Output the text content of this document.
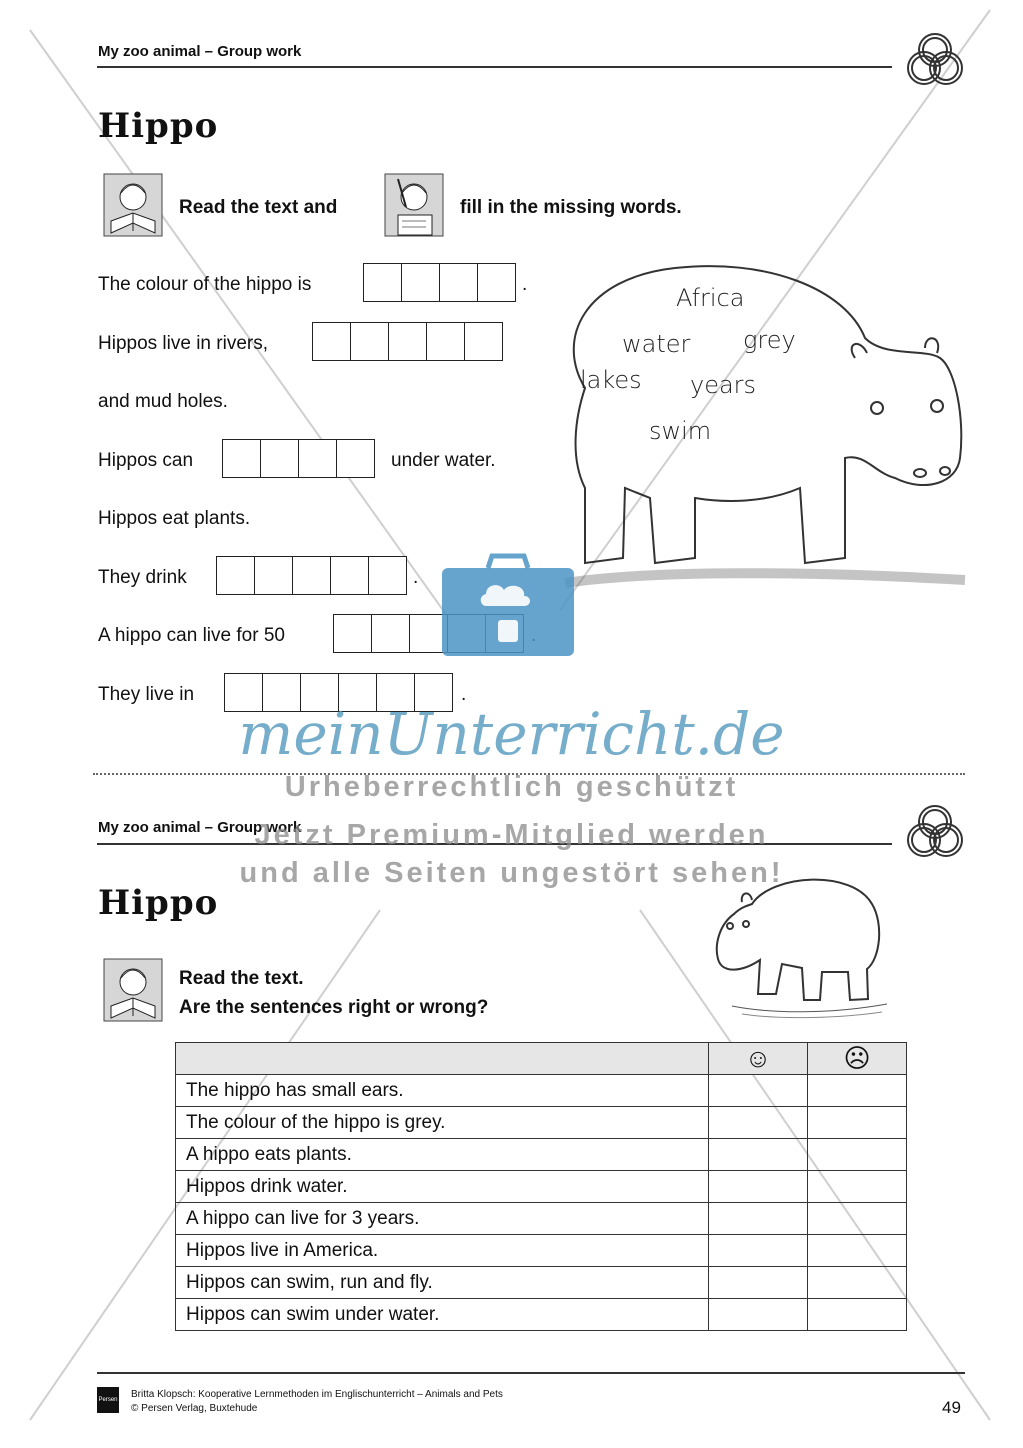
My zoo animal – Group work
Hippo
Read the text and	fill in the missing words.
The colour of the hippo is	.
Hippos live in rivers,
and mud holes.
Hippos can	under water.
Hippos eat plants.
They drink	.
A hippo can live for 50
They live in	.
Africa
water grey
lakes years
swim
meinUnterricht.de
Urheberrechtlich geschützt
My zoo animal – Group work
Jetzt Premium-Mitglied werden
und alle Seiten ungestört sehen!
Hippo
Read the text.
Are the sentences right or wrong?
	☺	☹
The hippo has small ears.		
The colour of the hippo is grey.		
A hippo eats plants.		
Hippos drink water.		
A hippo can live for 3 years.		
Hippos live in America.		
Hippos can swim, run and fly.		
Hippos can swim under water.		
Persen Britta Klopsch: Kooperative Lernmethoden im Englischunterricht – Animals and Pets
© Persen Verlag, Buxtehude	49
